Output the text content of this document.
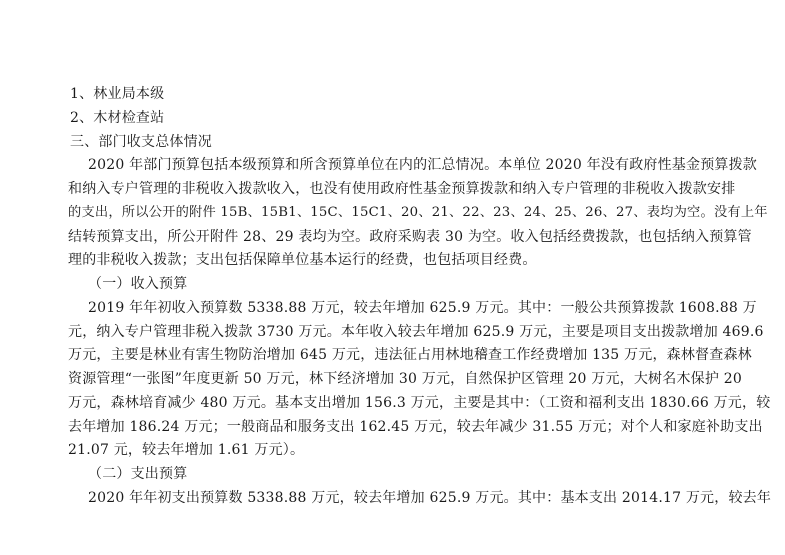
1、林业局本级
2、木材检查站
三、部门收支总体情况
2020 年部门预算包括本级预算和所含预算单位在内的汇总情况。本单位 2020 年没有政府性基金预算拨款
和纳入专户管理的非税收入拨款收入，也没有使用政府性基金预算拨款和纳入专户管理的非税收入拨款安排
的支出，所以公开的附件 15B、15B1、15C、15C1、20、21、22、23、24、25、26、27、表均为空。没有上年
结转预算支出，所公开附件 28、29 表均为空。政府采购表 30 为空。收入包括经费拨款，也包括纳入预算管
理的非税收入拨款；支出包括保障单位基本运行的经费，也包括项目经费。
（一）收入预算
2019 年年初收入预算数 5338.88 万元，较去年增加 625.9 万元。其中：一般公共预算拨款 1608.88 万
元，纳入专户管理非税入拨款 3730 万元。本年收入较去年增加 625.9 万元，主要是项目支出拨款增加 469.6
万元，主要是林业有害生物防治增加 645 万元，违法征占用林地稽查工作经费增加 135 万元，森林督查森林
资源管理“一张图”年度更新 50 万元，林下经济增加 30 万元，自然保护区管理 20 万元，大树名木保护 20
万元，森林培育减少 480 万元。基本支出增加 156.3 万元，主要是其中：（工资和福利支出 1830.66 万元，较
去年增加 186.24 万元；一般商品和服务支出 162.45 万元，较去年减少 31.55 万元；对个人和家庭补助支出
21.07 元，较去年增加 1.61 万元）。
（二）支出预算
2020 年年初支出预算数 5338.88 万元，较去年增加 625.9 万元。其中：基本支出 2014.17 万元，较去年
